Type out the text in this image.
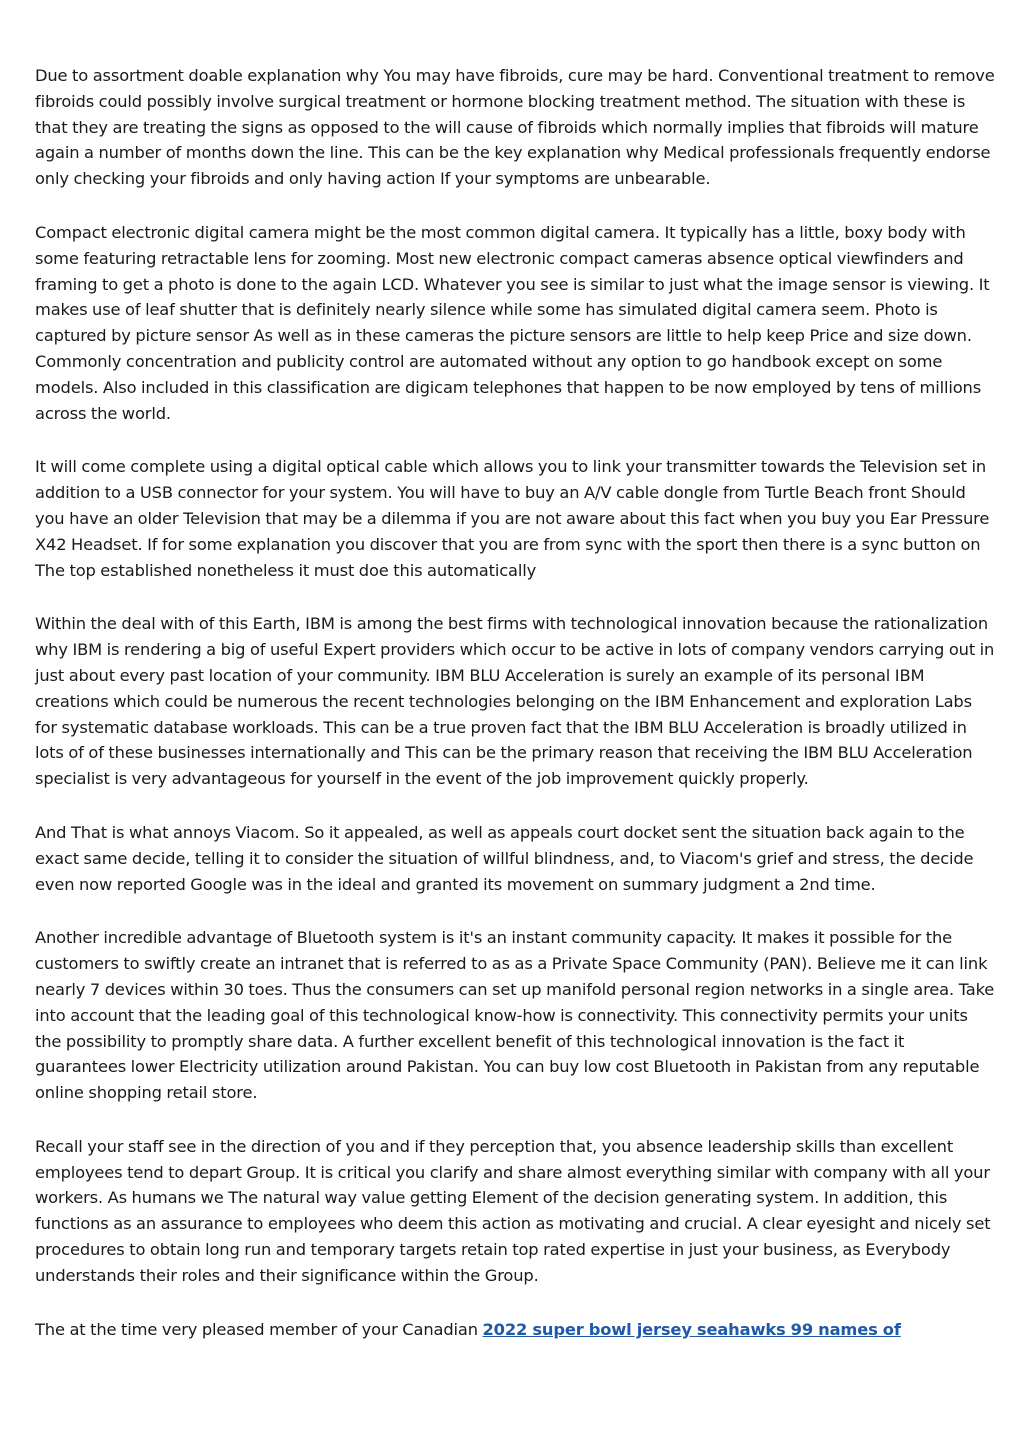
Due to assortment doable explanation why You may have fibroids, cure may be hard. Conventional treatment to remove fibroids could possibly involve surgical treatment or hormone blocking treatment method. The situation with these is that they are treating the signs as opposed to the will cause of fibroids which normally implies that fibroids will mature again a number of months down the line. This can be the key explanation why Medical professionals frequently endorse only checking your fibroids and only having action If your symptoms are unbearable.

Compact electronic digital camera might be the most common digital camera. It typically has a little, boxy body with some featuring retractable lens for zooming. Most new electronic compact cameras absence optical viewfinders and framing to get a photo is done to the again LCD. Whatever you see is similar to just what the image sensor is viewing. It makes use of leaf shutter that is definitely nearly silence while some has simulated digital camera seem. Photo is captured by picture sensor As well as in these cameras the picture sensors are little to help keep Price and size down. Commonly concentration and publicity control are automated without any option to go handbook except on some models. Also included in this classification are digicam telephones that happen to be now employed by tens of millions across the world.

It will come complete using a digital optical cable which allows you to link your transmitter towards the Television set in addition to a USB connector for your system. You will have to buy an A/V cable dongle from Turtle Beach front Should you have an older Television that may be a dilemma if you are not aware about this fact when you buy you Ear Pressure X42 Headset. If for some explanation you discover that you are from sync with the sport then there is a sync button on The top established nonetheless it must doe this automatically

Within the deal with of this Earth, IBM is among the best firms with technological innovation because the rationalization why IBM is rendering a big of useful Expert providers which occur to be active in lots of company vendors carrying out in just about every past location of your community. IBM BLU Acceleration is surely an example of its personal IBM creations which could be numerous the recent technologies belonging on the IBM Enhancement and exploration Labs for systematic database workloads. This can be a true proven fact that the IBM BLU Acceleration is broadly utilized in lots of of these businesses internationally and This can be the primary reason that receiving the IBM BLU Acceleration specialist is very advantageous for yourself in the event of the job improvement quickly properly.

And That is what annoys Viacom. So it appealed, as well as appeals court docket sent the situation back again to the exact same decide, telling it to consider the situation of willful blindness, and, to Viacom's grief and stress, the decide even now reported Google was in the ideal and granted its movement on summary judgment a 2nd time.

Another incredible advantage of Bluetooth system is it's an instant community capacity. It makes it possible for the customers to swiftly create an intranet that is referred to as as a Private Space Community (PAN). Believe me it can link nearly 7 devices within 30 toes. Thus the consumers can set up manifold personal region networks in a single area. Take into account that the leading goal of this technological know-how is connectivity. This connectivity permits your units the possibility to promptly share data. A further excellent benefit of this technological innovation is the fact it guarantees lower Electricity utilization around Pakistan. You can buy low cost Bluetooth in Pakistan from any reputable online shopping retail store.

Recall your staff see in the direction of you and if they perception that, you absence leadership skills than excellent employees tend to depart Group. It is critical you clarify and share almost everything similar with company with all your workers. As humans we The natural way value getting Element of the decision generating system. In addition, this functions as an assurance to employees who deem this action as motivating and crucial. A clear eyesight and nicely set procedures to obtain long run and temporary targets retain top rated expertise in just your business, as Everybody understands their roles and their significance within the Group.

The at the time very pleased member of your Canadian 2022 super bowl jersey seahawks 99 names of
